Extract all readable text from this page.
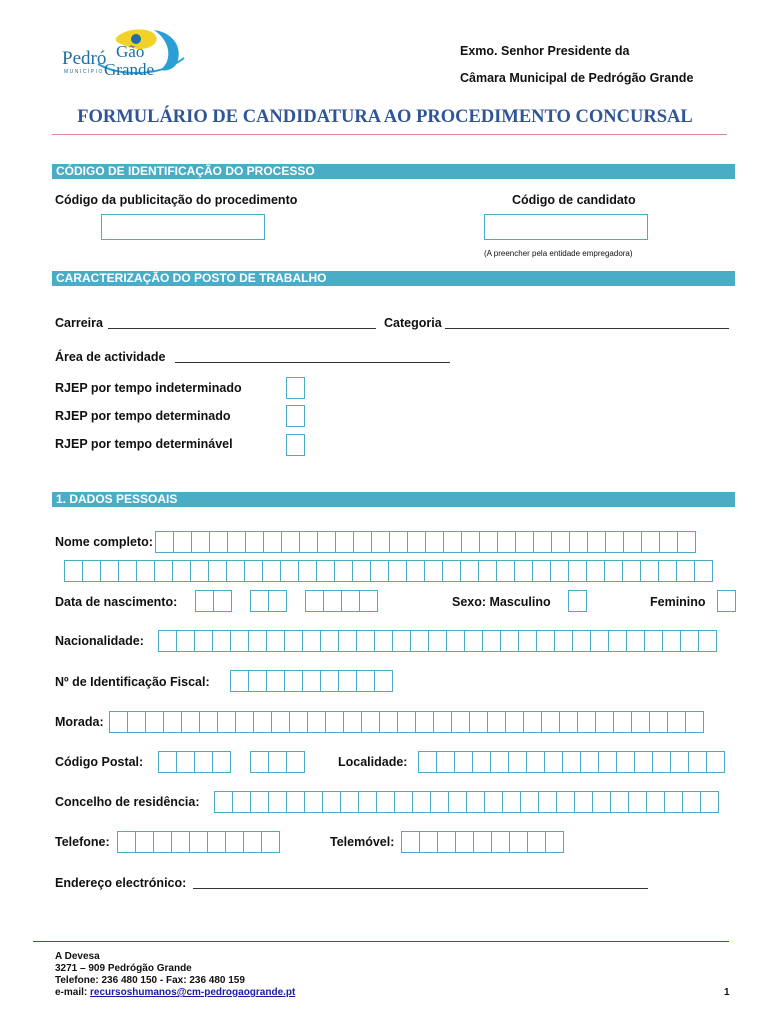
Pedró Gão
Grande
MUNICÍPIO
Exmo. Senhor Presidente da
Câmara Municipal de Pedrógão Grande
FORMULÁRIO DE CANDIDATURA AO PROCEDIMENTO CONCURSAL
CÓDIGO DE IDENTIFICAÇÃO DO PROCESSO
Código da publicitação do procedimento	Código de candidato
(A preencher pela entidade empregadora)
CARACTERIZAÇÃO DO POSTO DE TRABALHO
Carreira	Categoria
Área de actividade
RJEP por tempo indeterminado
RJEP por tempo determinado
RJEP por tempo determinável
1. DADOS PESSOAIS
Nome completo:
Data de nascimento:	Sexo: Masculino	Feminino
Nacionalidade:
Nº de Identificação Fiscal:
Morada:
Código Postal:	Localidade:
Concelho de residência:
Telefone:	Telemóvel:
Endereço electrónico:
A Devesa
3271 – 909 Pedrógão Grande
Telefone: 236 480 150 - Fax: 236 480 159
e-mail: recursoshumanos@cm-pedrogaogrande.pt	1
